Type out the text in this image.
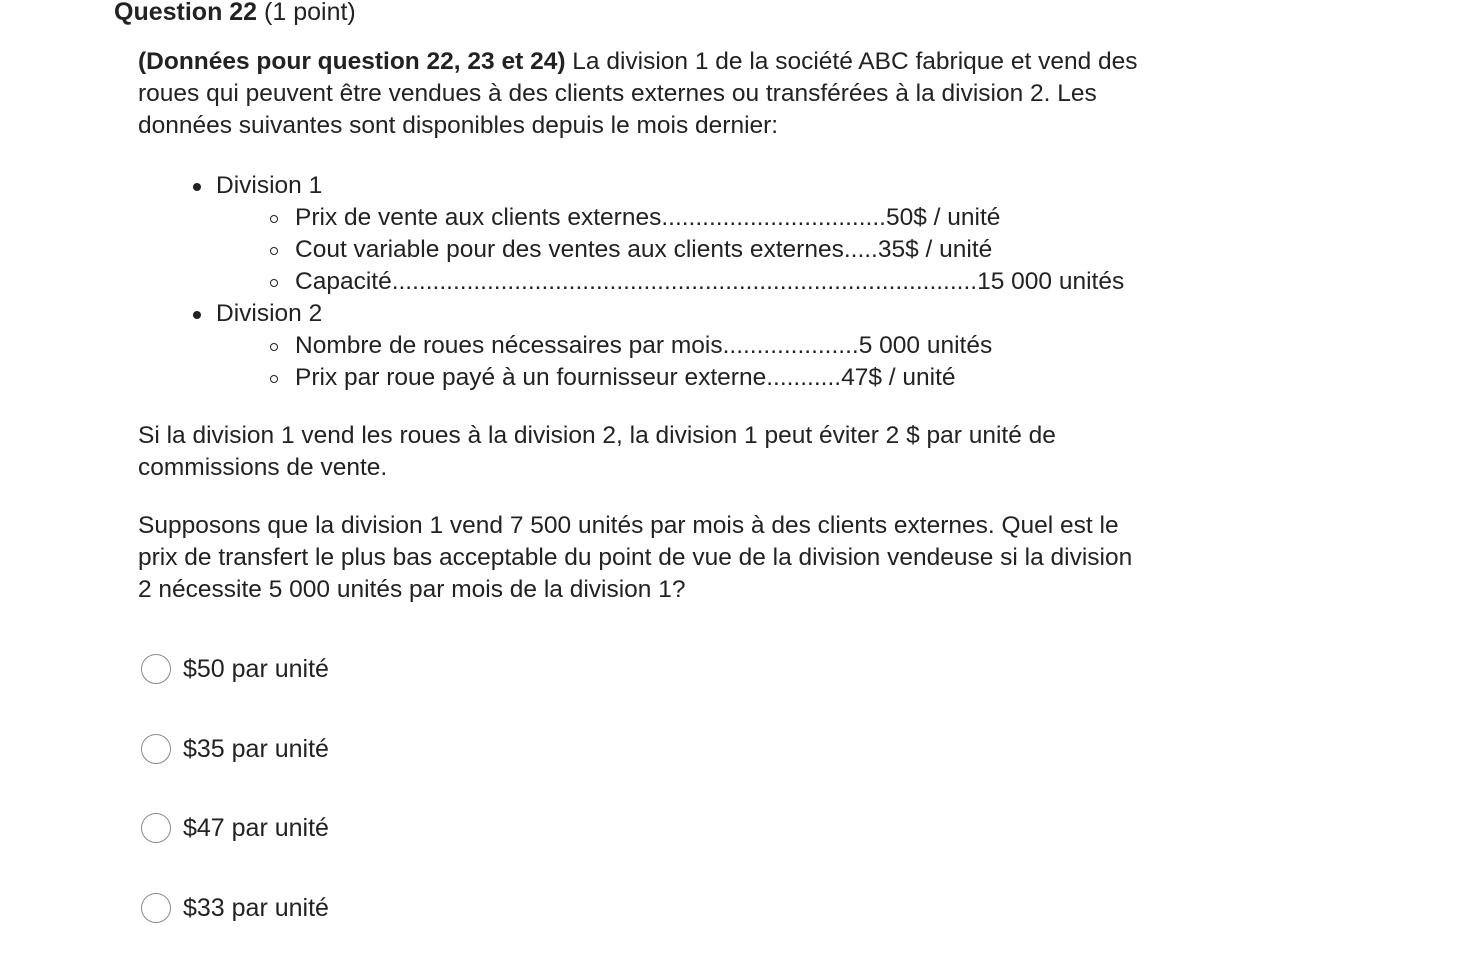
Question 22 (1 point)

(Données pour question 22, 23 et 24) La division 1 de la société ABC fabrique et vend des roues qui peuvent être vendues à des clients externes ou transférées à la division 2. Les données suivantes sont disponibles depuis le mois dernier:

Division 1
Prix de vente aux clients externes.................................50$ / unité
Cout variable pour des ventes aux clients externes.....35$ / unité
Capacité......................................................................................15 000 unités
Division 2
Nombre de roues nécessaires par mois....................5 000 unités
Prix par roue payé à un fournisseur externe...........47$ / unité

Si la division 1 vend les roues à la division 2, la division 1 peut éviter 2 $ par unité de commissions de vente.

Supposons que la division 1 vend 7 500 unités par mois à des clients externes. Quel est le prix de transfert le plus bas acceptable du point de vue de la division vendeuse si la division 2 nécessite 5 000 unités par mois de la division 1?

$50 par unité
$35 par unité
$47 par unité
$33 par unité
